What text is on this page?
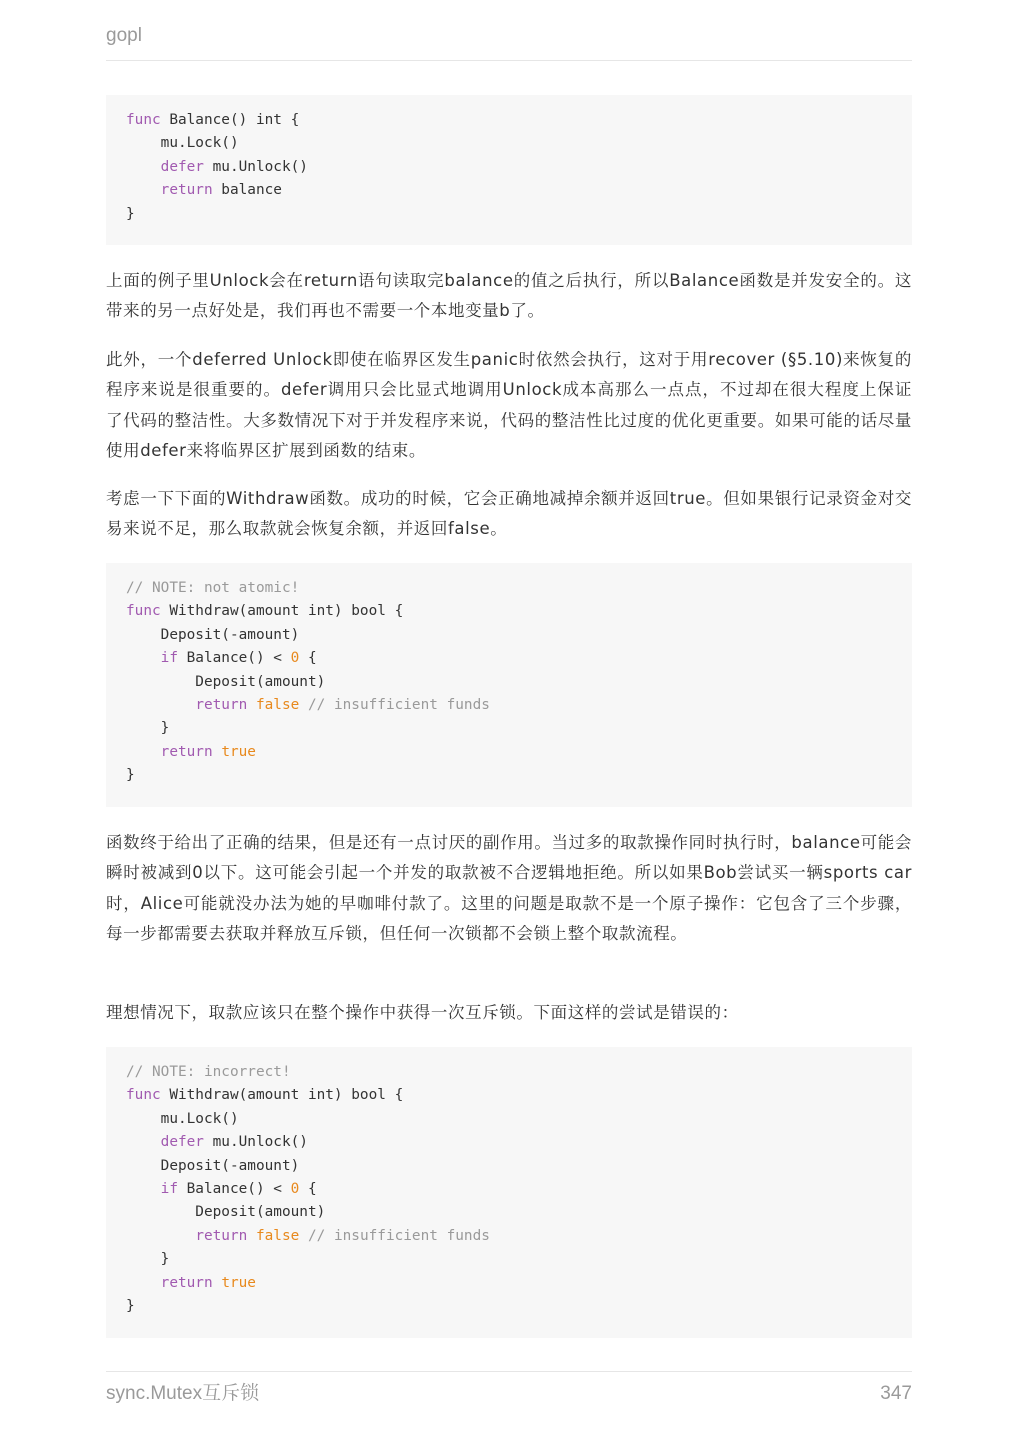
gopl
func Balance() int {
mu.Lock()
defer mu.Unlock()
return balance
}

上面的例子里Unlock会在return语句读取完balance的值之后执行，所以Balance函数是并发安全的。这带来的另一点好处是，我们再也不需要一个本地变量b了。

此外，一个deferred Unlock即使在临界区发生panic时依然会执行，这对于用recover (§5.10)来恢复的程序来说是很重要的。defer调用只会比显式地调用Unlock成本高那么一点点，不过却在很大程度上保证了代码的整洁性。大多数情况下对于并发程序来说，代码的整洁性比过度的优化更重要。如果可能的话尽量使用defer来将临界区扩展到函数的结束。

考虑一下下面的Withdraw函数。成功的时候，它会正确地减掉余额并返回true。但如果银行记录资金对交易来说不足，那么取款就会恢复余额，并返回false。

// NOTE: not atomic!
func Withdraw(amount int) bool {
Deposit(-amount)
if Balance() < 0 {
Deposit(amount)
return false // insufficient funds
}
return true
}

函数终于给出了正确的结果，但是还有一点讨厌的副作用。当过多的取款操作同时执行时，balance可能会瞬时被减到0以下。这可能会引起一个并发的取款被不合逻辑地拒绝。所以如果Bob尝试买一辆sports car时，Alice可能就没办法为她的早咖啡付款了。这里的问题是取款不是一个原子操作：它包含了三个步骤，每一步都需要去获取并释放互斥锁，但任何一次锁都不会锁上整个取款流程。

理想情况下，取款应该只在整个操作中获得一次互斥锁。下面这样的尝试是错误的：

// NOTE: incorrect!
func Withdraw(amount int) bool {
mu.Lock()
defer mu.Unlock()
Deposit(-amount)
if Balance() < 0 {
Deposit(amount)
return false // insufficient funds
}
return true
}
sync.Mutex互斥锁	347
